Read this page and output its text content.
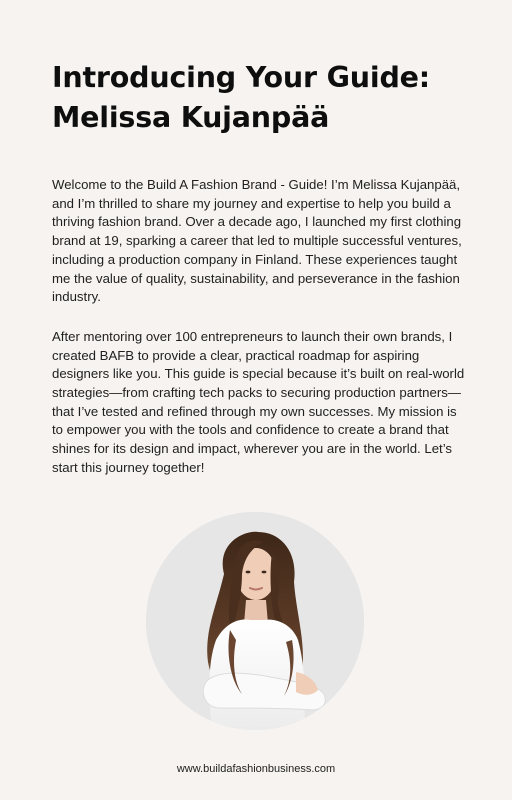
Introducing Your Guide:
Melissa Kujanpää

Welcome to the Build A Fashion Brand - Guide! I’m Melissa Kujanpää, and I’m thrilled to share my journey and expertise to help you build a thriving fashion brand. Over a decade ago, I launched my first clothing brand at 19, sparking a career that led to multiple successful ventures, including a production company in Finland. These experiences taught me the value of quality, sustainability, and perseverance in the fashion industry.

After mentoring over 100 entrepreneurs to launch their own brands, I created BAFB to provide a clear, practical roadmap for aspiring designers like you. This guide is special because it’s built on real-world strategies—from crafting tech packs to securing production partners—that I’ve tested and refined through my own successes. My mission is to empower you with the tools and confidence to create a brand that shines for its design and impact, wherever you are in the world. Let’s start this journey together!

www.buildafashionbusiness.com
